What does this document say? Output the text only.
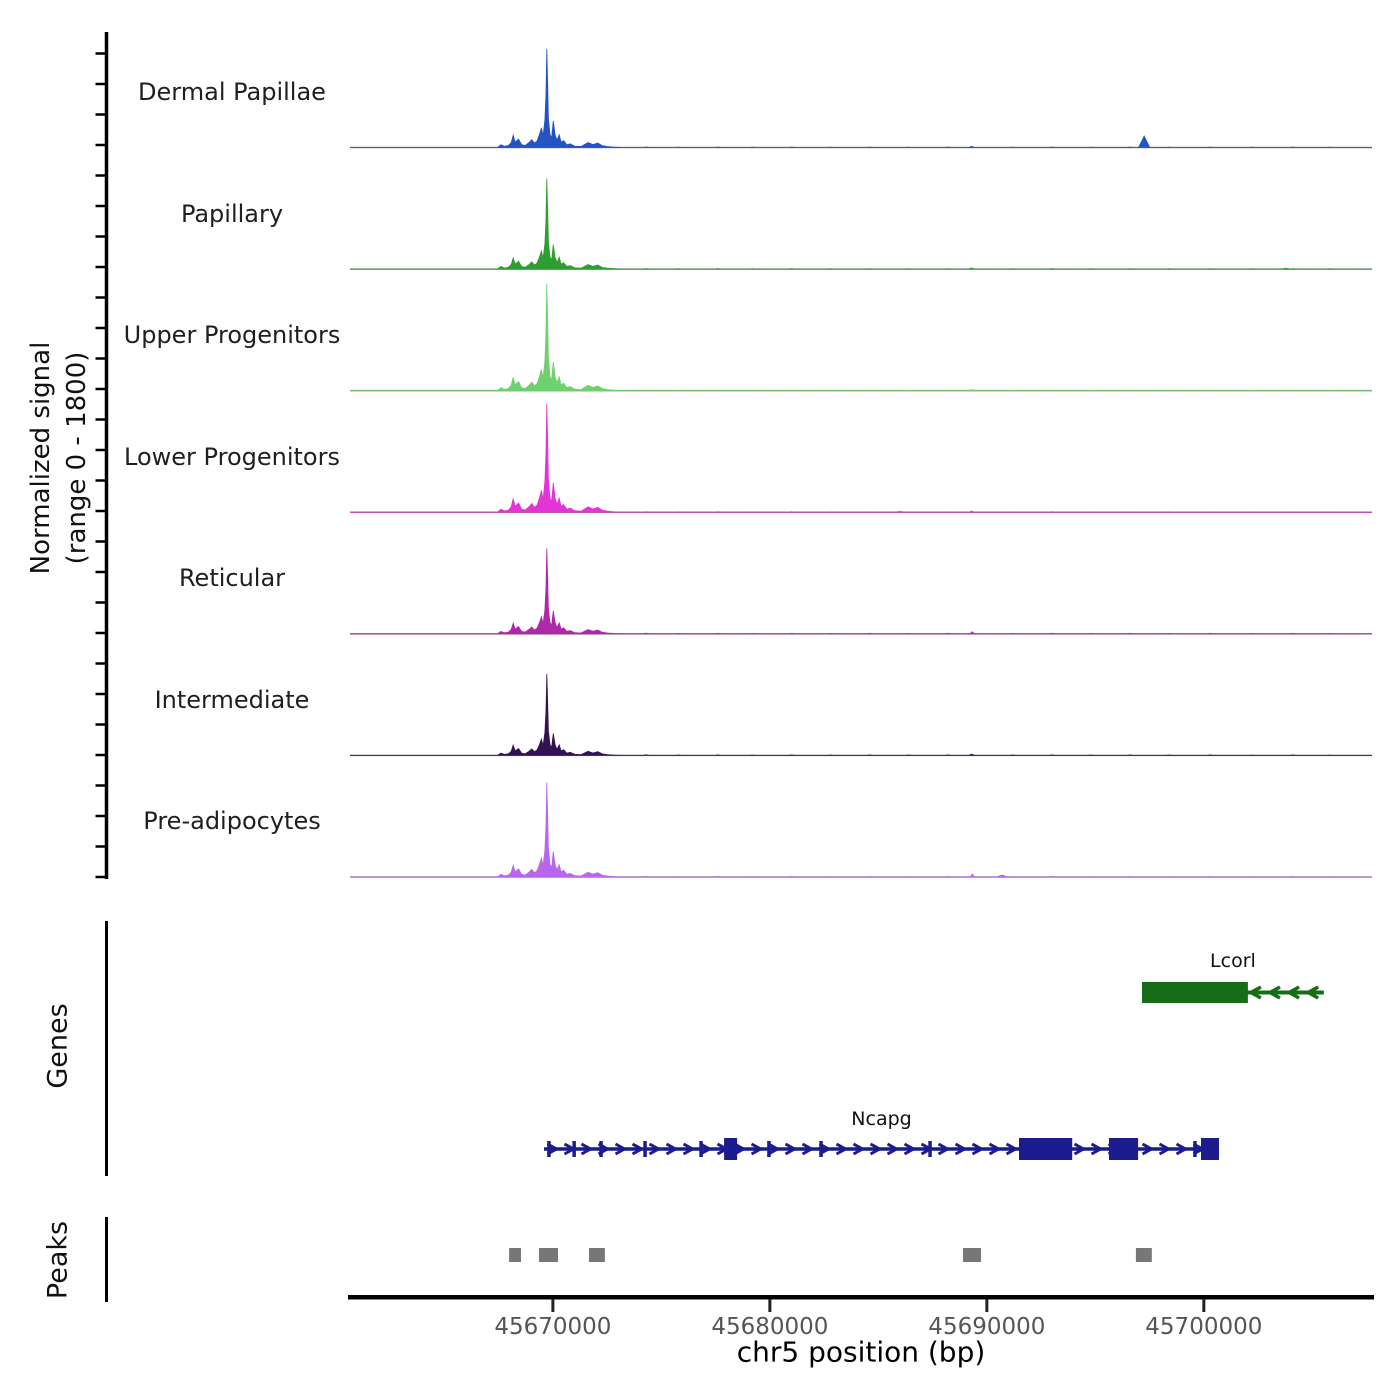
Dermal Papillae
Papillary
Upper Progenitors
Lower Progenitors
Reticular
Intermediate
Pre-adipocytes
Lcorl
Ncapg
45670000	45680000	45690000	45700000
Normalized signal (range 0 - 1800)
Genes
Peaks
chr5 position (bp)
